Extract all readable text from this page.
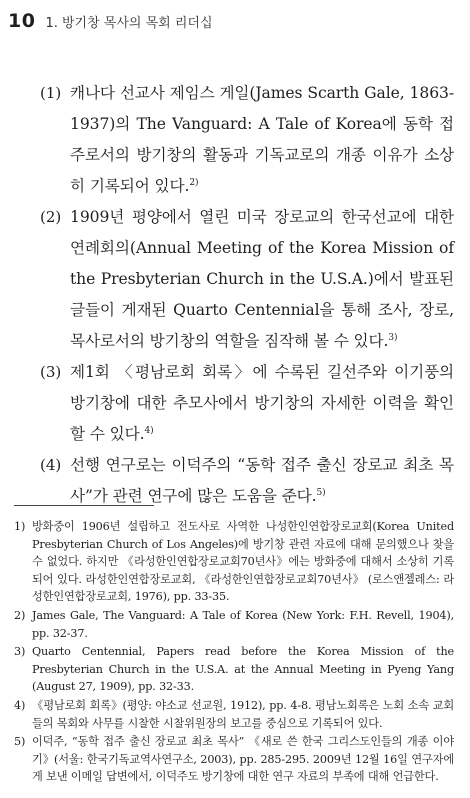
10 1. 방기창 목사의 목회 리더십
(1) 캐나다 선교사 제임스 게일(James Scarth Gale, 1863-1937)의 The Vanguard: A Tale of Korea에 동학 접주로서의 방기창의 활동과 기독교로의 개종 이유가 소상히 기록되어 있다.$^{2)}$
(2) 1909년 평양에서 열린 미국 장로교의 한국선교에 대한 연례회의(Annual Meeting of the Korea Mission of the Presbyterian Church in the U.S.A.)에서 발표된 글들이 게재된 Quarto Centennial을 통해 조사, 장로, 목사로서의 방기창의 역할을 짐작해 볼 수 있다.$^{3)}$
(3) 제1회 〈평남로회 회록〉에 수록된 길선주와 이기풍의 방기창에 대한 추모사에서 방기창의 자세한 이력을 확인할 수 있다.$^{4)}$
(4) 선행 연구로는 이덕주의 “동학 접주 출신 장로교 최초 목사”가 관련 연구에 많은 도움을 준다.$^{5)}$
1) 방화중이 1906년 설립하고 전도사로 사역한 나성한인연합장로교회(Korea United Presbyterian Church of Los Angeles)에 방기창 관련 자료에 대해 문의했으나 찾을 수 없었다. 하지만 《라성한인연합장로교회70년사》에는 방화중에 대해서 소상히 기록되어 있다. 라성한인연합장로교회, 《라성한인연합장로교회70년사》 (로스앤젤레스: 라성한인연합장로교회, 1976), pp. 33-35.
2) James Gale, The Vanguard: A Tale of Korea (New York: F.H. Revell, 1904), pp. 32-37.
3) Quarto Centennial, Papers read before the Korea Mission of the Presbyterian Church in the U.S.A. at the Annual Meeting in Pyeng Yang (August 27, 1909), pp. 32-33.
4) 《평남로회 회록》(평양: 야소교 선교원, 1912), pp. 4-8. 평남노회록은 노회 소속 교회들의 목회와 사무를 시찰한 시찰위원장의 보고를 중심으로 기록되어 있다.
5) 이덕주, “동학 접주 출신 장로교 최초 목사” 《새로 쓴 한국 그리스도인들의 개종 이야기》(서울: 한국기독교역사연구소, 2003), pp. 285-295. 2009년 12월 16일 연구자에게 보낸 이메일 답변에서, 이덕주도 방기창에 대한 연구 자료의 부족에 대해 언급한다.
